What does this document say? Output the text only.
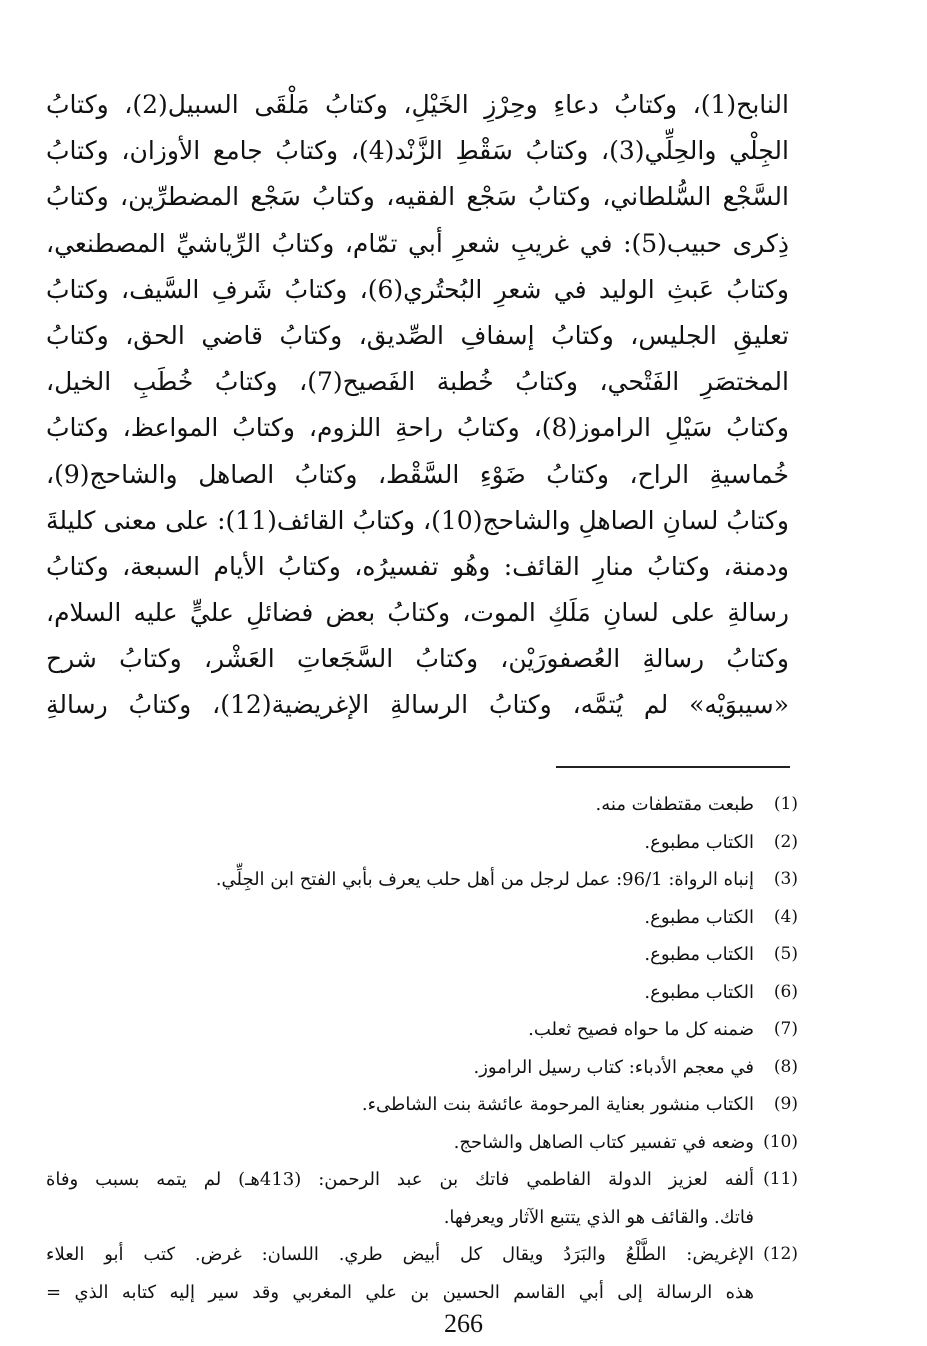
النابح(1)، وكتابُ دعاءِ وحِرْزِ الخَيْلِ، وكتابُ مَلْقَى السبيل(2)، وكتابُ
الجِلْي والحِلِّي(3)، وكتابُ سَقْطِ الزَّنْد(4)، وكتابُ جامع الأوزان، وكتابُ
السَّجْع السُّلطاني، وكتابُ سَجْع الفقيه، وكتابُ سَجْع المضطرِّين، وكتابُ
ذِكرى حبيب(5): في غريبِ شعرِ أبي تمّام، وكتابُ الرِّياشيِّ المصطنعي،
وكتابُ عَبثِ الوليد في شعرِ البُحتُري(6)، وكتابُ شَرفِ السَّيف، وكتابُ
تعليقِ الجليس، وكتابُ إسفافِ الصِّديق، وكتابُ قاضي الحق، وكتابُ
المختصَرِ الفَتْحي، وكتابُ خُطبة الفَصيح(7)، وكتابُ خُطَبِ الخيل،
وكتابُ سَيْلِ الراموز(8)، وكتابُ راحةِ اللزوم، وكتابُ المواعظ، وكتابُ
خُماسيةِ الراح، وكتابُ ضَوْءِ السَّقْط، وكتابُ الصاهل والشاحج(9)،
وكتابُ لسانِ الصاهلِ والشاحج(10)، وكتابُ القائف(11): على معنى كليلةَ
ودمنة، وكتابُ منارِ القائف: وهُو تفسيرُه، وكتابُ الأيام السبعة، وكتابُ
رسالةِ على لسانِ مَلَكِ الموت، وكتابُ بعض فضائلِ عليٍّ عليه السلام،
وكتابُ رسالةِ العُصفورَيْن، وكتابُ السَّجَعاتِ العَشْر، وكتابُ شرح
«سيبوَيْه» لم يُتمَّه، وكتابُ الرسالةِ الإغريضية(12)، وكتابُ رسالةِ
(1)
طبعت مقتطفات منه.
(2)
الكتاب مطبوع.
(3)
إنباه الرواة: 96/1: عمل لرجل من أهل حلب يعرف بأبي الفتح ابن الجِلِّي.
(4)
الكتاب مطبوع.
(5)
الكتاب مطبوع.
(6)
الكتاب مطبوع.
(7)
ضمنه كل ما حواه فصيح ثعلب.
(8)
في معجم الأدباء: كتاب رسيل الراموز.
(9)
الكتاب منشور بعناية المرحومة عائشة بنت الشاطىء.
(10)
وضعه في تفسير كتاب الصاهل والشاحج.
(11)
ألفه لعزيز الدولة الفاطمي فاتك بن عبد الرحمن: (413هـ) لم يتمه بسبب وفاة
فاتك. والقائف هو الذي يتتبع الآثار ويعرفها.
(12)
الإغريض: الطَّلْعُ والبَرَدُ ويقال كل أبيض طري. اللسان: غرض. كتب أبو العلاء
هذه الرسالة إلى أبي القاسم الحسين بن علي المغربي وقد سير إليه كتابه الذي =
266
